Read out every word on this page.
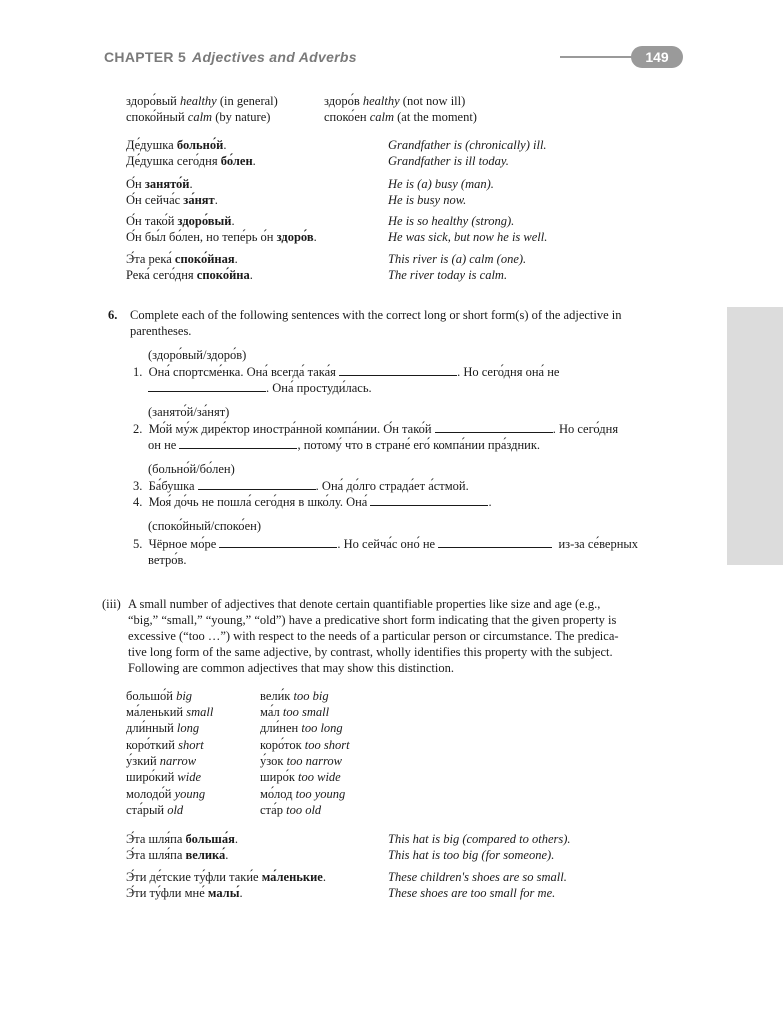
CHAPTER 5 Adjectives and Adverbs	149
здоро́вый healthy (in general)	здоро́в healthy (not now ill)
споко́йный calm (by nature)	споко́ен calm (at the moment)
Де́душка больно́й.	Grandfather is (chronically) ill.
Де́душка сего́дня бо́лен.	Grandfather is ill today.
О́н занято́й.	He is (a) busy (man).
О́н сейча́с за́нят.	He is busy now.
О́н тако́й здоро́вый.	He is so healthy (strong).
О́н бы́л бо́лен, но тепе́рь о́н здоро́в.	He was sick, but now he is well.
Э́та река́ споко́йная.	This river is (a) calm (one).
Река́ сего́дня споко́йна.	The river today is calm.
6. Complete each of the following sentences with the correct long or short form(s) of the adjective in
parentheses.
(здоро́вый/здоро́в)
1. Она́ спортсме́нка. Она́ всегда́ така́я	. Но сего́дня она́ не
. Она́ простуди́лась.
(занято́й/за́нят)
2. Мо́й му́ж дире́ктор иностра́нной компа́нии. О́н тако́й	. Но сего́дня
он не	, потому́ что в стране́ его́ компа́нии пра́здник.
(больно́й/бо́лен)
3. Ба́бушка	. Она́ до́лго страда́ет а́стмой.
4. Моя́ до́чь не пошла́ сего́дня в шко́лу. Она́	.
(споко́йный/споко́ен)
5. Чёрное мо́ре	. Но сейча́с оно́ не	из-за се́верных
ветро́в.
(iii) A small number of adjectives that denote certain quantifiable properties like size and age (e.g.,
“big,” “small,” “young,” “old”) have a predicative short form indicating that the given property is
excessive (“too …”) with respect to the needs of a particular person or circumstance. The predica-
tive long form of the same adjective, by contrast, wholly identifies this property with the subject.
Following are common adjectives that may show this distinction.
большо́й big	вели́к too big
ма́ленький small	ма́л too small
дли́нный long	дли́нен too long
коро́ткий short	коро́ток too short
у́зкий narrow	у́зок too narrow
широ́кий wide	широ́к too wide
молодо́й young	мо́лод too young
ста́рый old	ста́р too old
Э́та шля́па больша́я.	This hat is big (compared to others).
Э́та шля́па велика́.	This hat is too big (for someone).
Э́ти де́тские ту́фли таки́е ма́ленькие.	These children's shoes are so small.
Э́ти ту́фли мне́ малы́.	These shoes are too small for me.
